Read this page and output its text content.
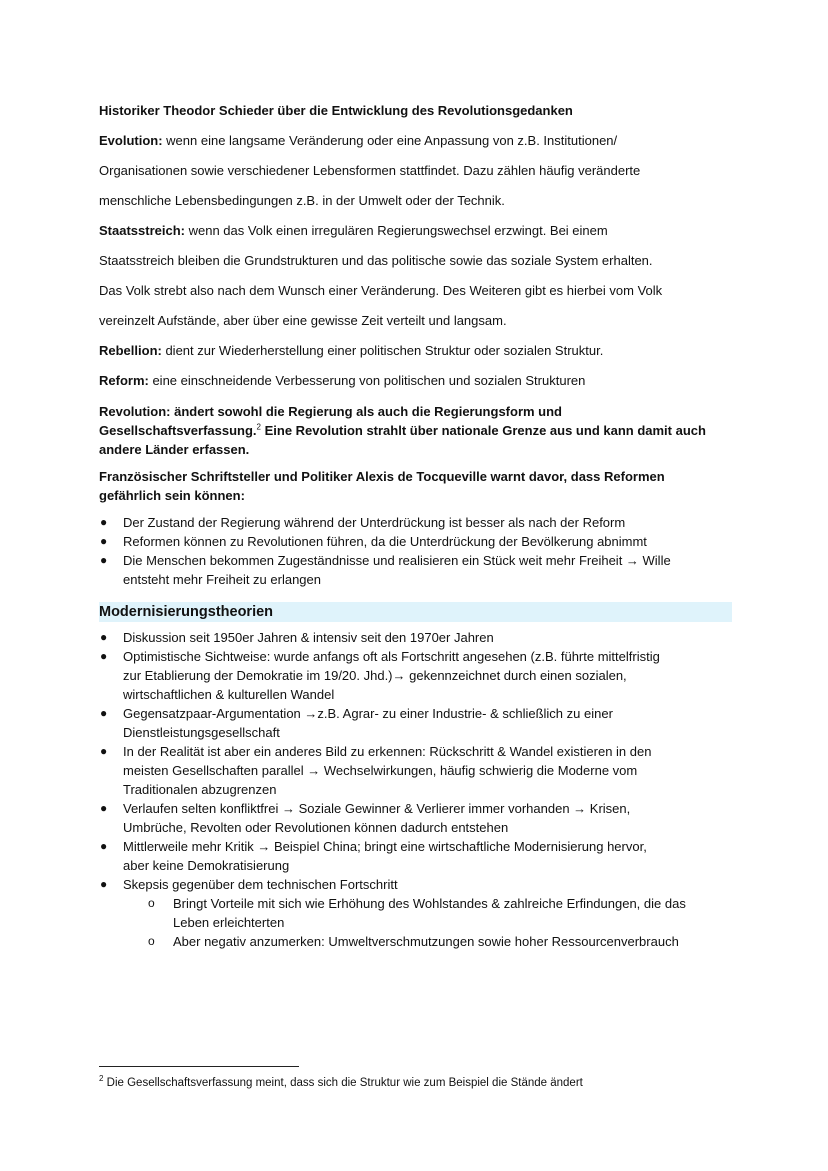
Historiker Theodor Schieder über die Entwicklung des Revolutionsgedanken

Evolution: wenn eine langsame Veränderung oder eine Anpassung von z.B. Institutionen/

Organisationen sowie verschiedener Lebensformen stattfindet. Dazu zählen häufig veränderte

menschliche Lebensbedingungen z.B. in der Umwelt oder der Technik.

Staatsstreich: wenn das Volk einen irregulären Regierungswechsel erzwingt. Bei einem

Staatsstreich bleiben die Grundstrukturen und das politische sowie das soziale System erhalten.

Das Volk strebt also nach dem Wunsch einer Veränderung. Des Weiteren gibt es hierbei vom Volk

vereinzelt Aufstände, aber über eine gewisse Zeit verteilt und langsam.

Rebellion: dient zur Wiederherstellung einer politischen Struktur oder sozialen Struktur.

Reform: eine einschneidende Verbesserung von politischen und sozialen Strukturen

Revolution: ändert sowohl die Regierung als auch die Regierungsform und

Gesellschaftsverfassung.$^2$ Eine Revolution strahlt über nationale Grenze aus und kann damit auch

andere Länder erfassen.

Französischer Schriftsteller und Politiker Alexis de Tocqueville warnt davor, dass Reformen

gefährlich sein können:

● Der Zustand der Regierung während der Unterdrückung ist besser als nach der Reform
● Reformen können zu Revolutionen führen, da die Unterdrückung der Bevölkerung abnimmt
● Die Menschen bekommen Zugeständnisse und realisieren ein Stück weit mehr Freiheit → Wille
entsteht mehr Freiheit zu erlangen
Modernisierungstheorien
● Diskussion seit 1950er Jahren & intensiv seit den 1970er Jahren
● Optimistische Sichtweise: wurde anfangs oft als Fortschritt angesehen (z.B. führte mittelfristig
zur Etablierung der Demokratie im 19/20. Jhd.)→ gekennzeichnet durch einen sozialen,
wirtschaftlichen & kulturellen Wandel
● Gegensatzpaar-Argumentation →z.B. Agrar- zu einer Industrie- & schließlich zu einer
Dienstleistungsgesellschaft
● In der Realität ist aber ein anderes Bild zu erkennen: Rückschritt & Wandel existieren in den
meisten Gesellschaften parallel → Wechselwirkungen, häufig schwierig die Moderne vom
Traditionalen abzugrenzen
● Verlaufen selten konfliktfrei → Soziale Gewinner & Verlierer immer vorhanden → Krisen,
Umbrüche, Revolten oder Revolutionen können dadurch entstehen
● Mittlerweile mehr Kritik → Beispiel China; bringt eine wirtschaftliche Modernisierung hervor,
aber keine Demokratisierung
● Skepsis gegenüber dem technischen Fortschritt
o Bringt Vorteile mit sich wie Erhöhung des Wohlstandes & zahlreiche Erfindungen, die das
Leben erleichterten
o Aber negativ anzumerken: Umweltverschmutzungen sowie hoher Ressourcenverbrauch
$^2$ Die Gesellschaftsverfassung meint, dass sich die Struktur wie zum Beispiel die Stände ändert
